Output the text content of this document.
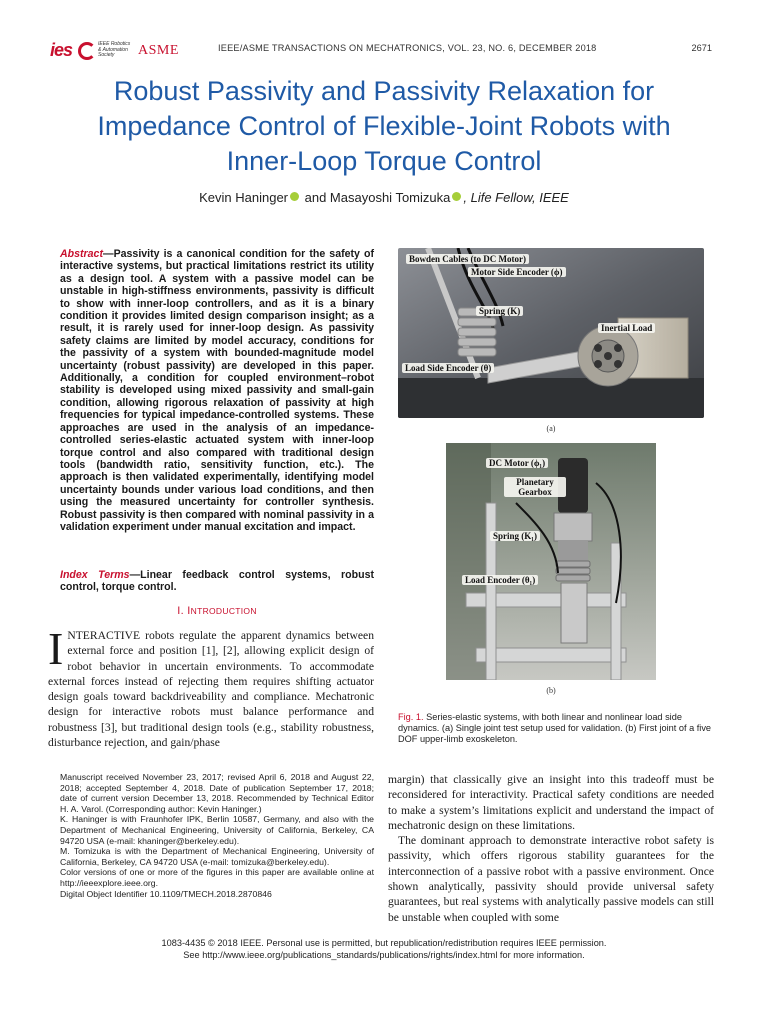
ies	IEEE Robotics & Automation Society	ASME	IEEE/ASME TRANSACTIONS ON MECHATRONICS, VOL. 23, NO. 6, DECEMBER 2018	2671
Robust Passivity and Passivity Relaxation for
Impedance Control of Flexible-Joint Robots with
Inner-Loop Torque Control
Kevin Haninger and Masayoshi Tomizuka , Life Fellow, IEEE
Abstract—Passivity is a canonical condition for the safety of interactive systems, but practical limitations restrict its utility as a design tool. A system with a passive model can be unstable in high-stiffness environments, passivity is difficult to show with inner-loop controllers, and as it is a binary condition it provides limited design comparison insight; as a result, it is rarely used for inner-loop design. As passivity safety claims are limited by model accuracy, conditions for the passivity of a system with bounded-magnitude model uncertainty (robust passivity) are developed in this paper. Additionally, a condition for coupled environment–robot stability is developed using mixed passivity and small-gain condition, allowing rigorous relaxation of passivity at high frequencies for typical impedance-controlled systems. These approaches are used in the analysis of an impedance-controlled series-elastic actuated system with inner-loop torque control and also compared with traditional design tools (bandwidth ratio, sensitivity function, etc.). The approach is then validated experimentally, identifying model uncertainty bounds under various load conditions, and then using the measured uncertainty for controller synthesis. Robust passivity is then compared with nominal passivity in a validation experiment under manual excitation and impact.
Index Terms—Linear feedback control systems, robust control, torque control.
I. INTRODUCTION
INTERACTIVE robots regulate the apparent dynamics between external force and position [1], [2], allowing explicit design of robot behavior in uncertain environments. To accommodate external forces instead of rejecting them requires shifting actuator design goals toward backdriveability and compliance. Mechatronic design for interactive robots must balance performance and robustness [3], but traditional design tools (e.g., stability robustness, disturbance rejection, and gain/phase

Manuscript received November 23, 2017; revised April 6, 2018 and August 22, 2018; accepted September 4, 2018. Date of publication September 17, 2018; date of current version December 13, 2018. Recommended by Technical Editor H. A. Varol. (Corresponding author: Kevin Haninger.)

K. Haninger is with Fraunhofer IPK, Berlin 10587, Germany, and also with the Department of Mechanical Engineering, University of California, Berkeley, CA 94720 USA (e-mail: khaninger@berkeley.edu).

M. Tomizuka is with the Department of Mechanical Engineering, University of California, Berkeley, CA 94720 USA (e-mail: tomizuka@berkeley.edu).

Color versions of one or more of the figures in this paper are available online at http://ieeexplore.ieee.org.

Digital Object Identifier 10.1109/TMECH.2018.2870846

margin) that classically give an insight into this tradeoff must be reconsidered for interactivity. Practical safety conditions are needed to make a system’s limitations explicit and understand the impact of mechatronic design on these limitations.
The dominant approach to demonstrate interactive robot safety is passivity, which offers rigorous stability guarantees for the interconnection of a passive robot with a passive environment. Once shown analytically, passivity should provide universal safety guarantees, but real systems with analytically passive models can still be unstable when coupled with some
Bowden Cables (to DC Motor)
Motor Side Encoder (ϕ)
Spring (K)
Inertial Load
Load Side Encoder (θ)
(a)
DC Motor (ϕ₁)
Planetary Gearbox
Spring (K₁)
Load Encoder (θ₁)
(b)
Fig. 1. Series-elastic systems, with both linear and nonlinear load side dynamics. (a) Single joint test setup used for validation. (b) First joint of a five DOF upper-limb exoskeleton.
1083-4435 © 2018 IEEE. Personal use is permitted, but republication/redistribution requires IEEE permission.
See http://www.ieee.org/publications_standards/publications/rights/index.html for more information.
